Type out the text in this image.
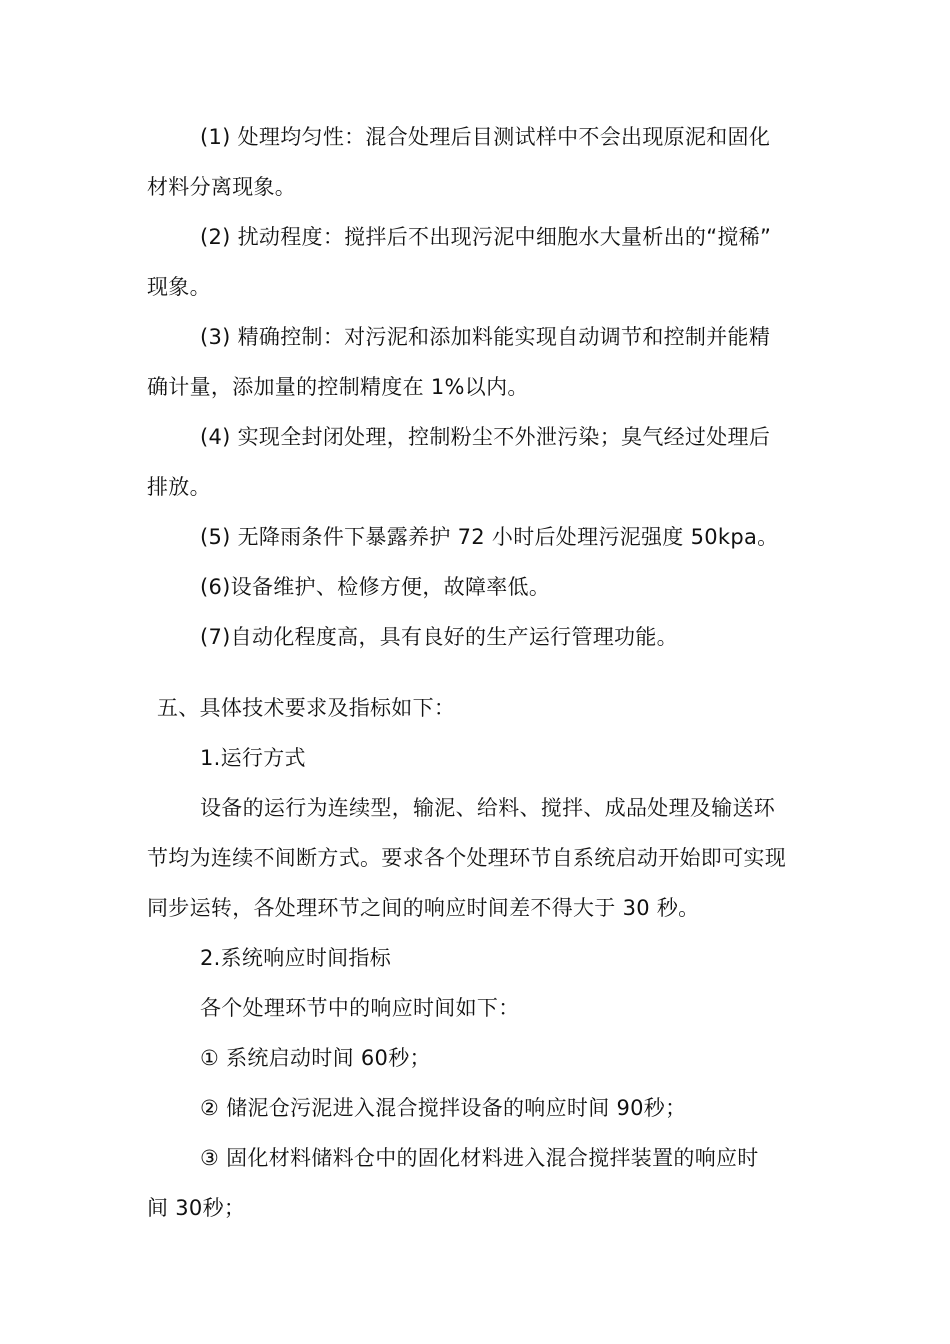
(1) 处理均匀性：混合处理后目测试样中不会出现原泥和固化
材料分离现象。
(2) 扰动程度：搅拌后不出现污泥中细胞水大量析出的“搅稀”
现象。
(3) 精确控制：对污泥和添加料能实现自动调节和控制并能精
确计量，添加量的控制精度在 1%以内。
(4) 实现全封闭处理，控制粉尘不外泄污染；臭气经过处理后
排放。
(5) 无降雨条件下暴露养护 72 小时后处理污泥强度 50kpa。
(6)设备维护、检修方便，故障率低。
(7)自动化程度高，具有良好的生产运行管理功能。
五、具体技术要求及指标如下：
1.运行方式
设备的运行为连续型，输泥、给料、搅拌、成品处理及输送环
节均为连续不间断方式。要求各个处理环节自系统启动开始即可实现
同步运转，各处理环节之间的响应时间差不得大于 30 秒。
2.系统响应时间指标
各个处理环节中的响应时间如下：
① 系统启动时间 60秒；
② 储泥仓污泥进入混合搅拌设备的响应时间 90秒；
③ 固化材料储料仓中的固化材料进入混合搅拌装置的响应时
间 30秒；
